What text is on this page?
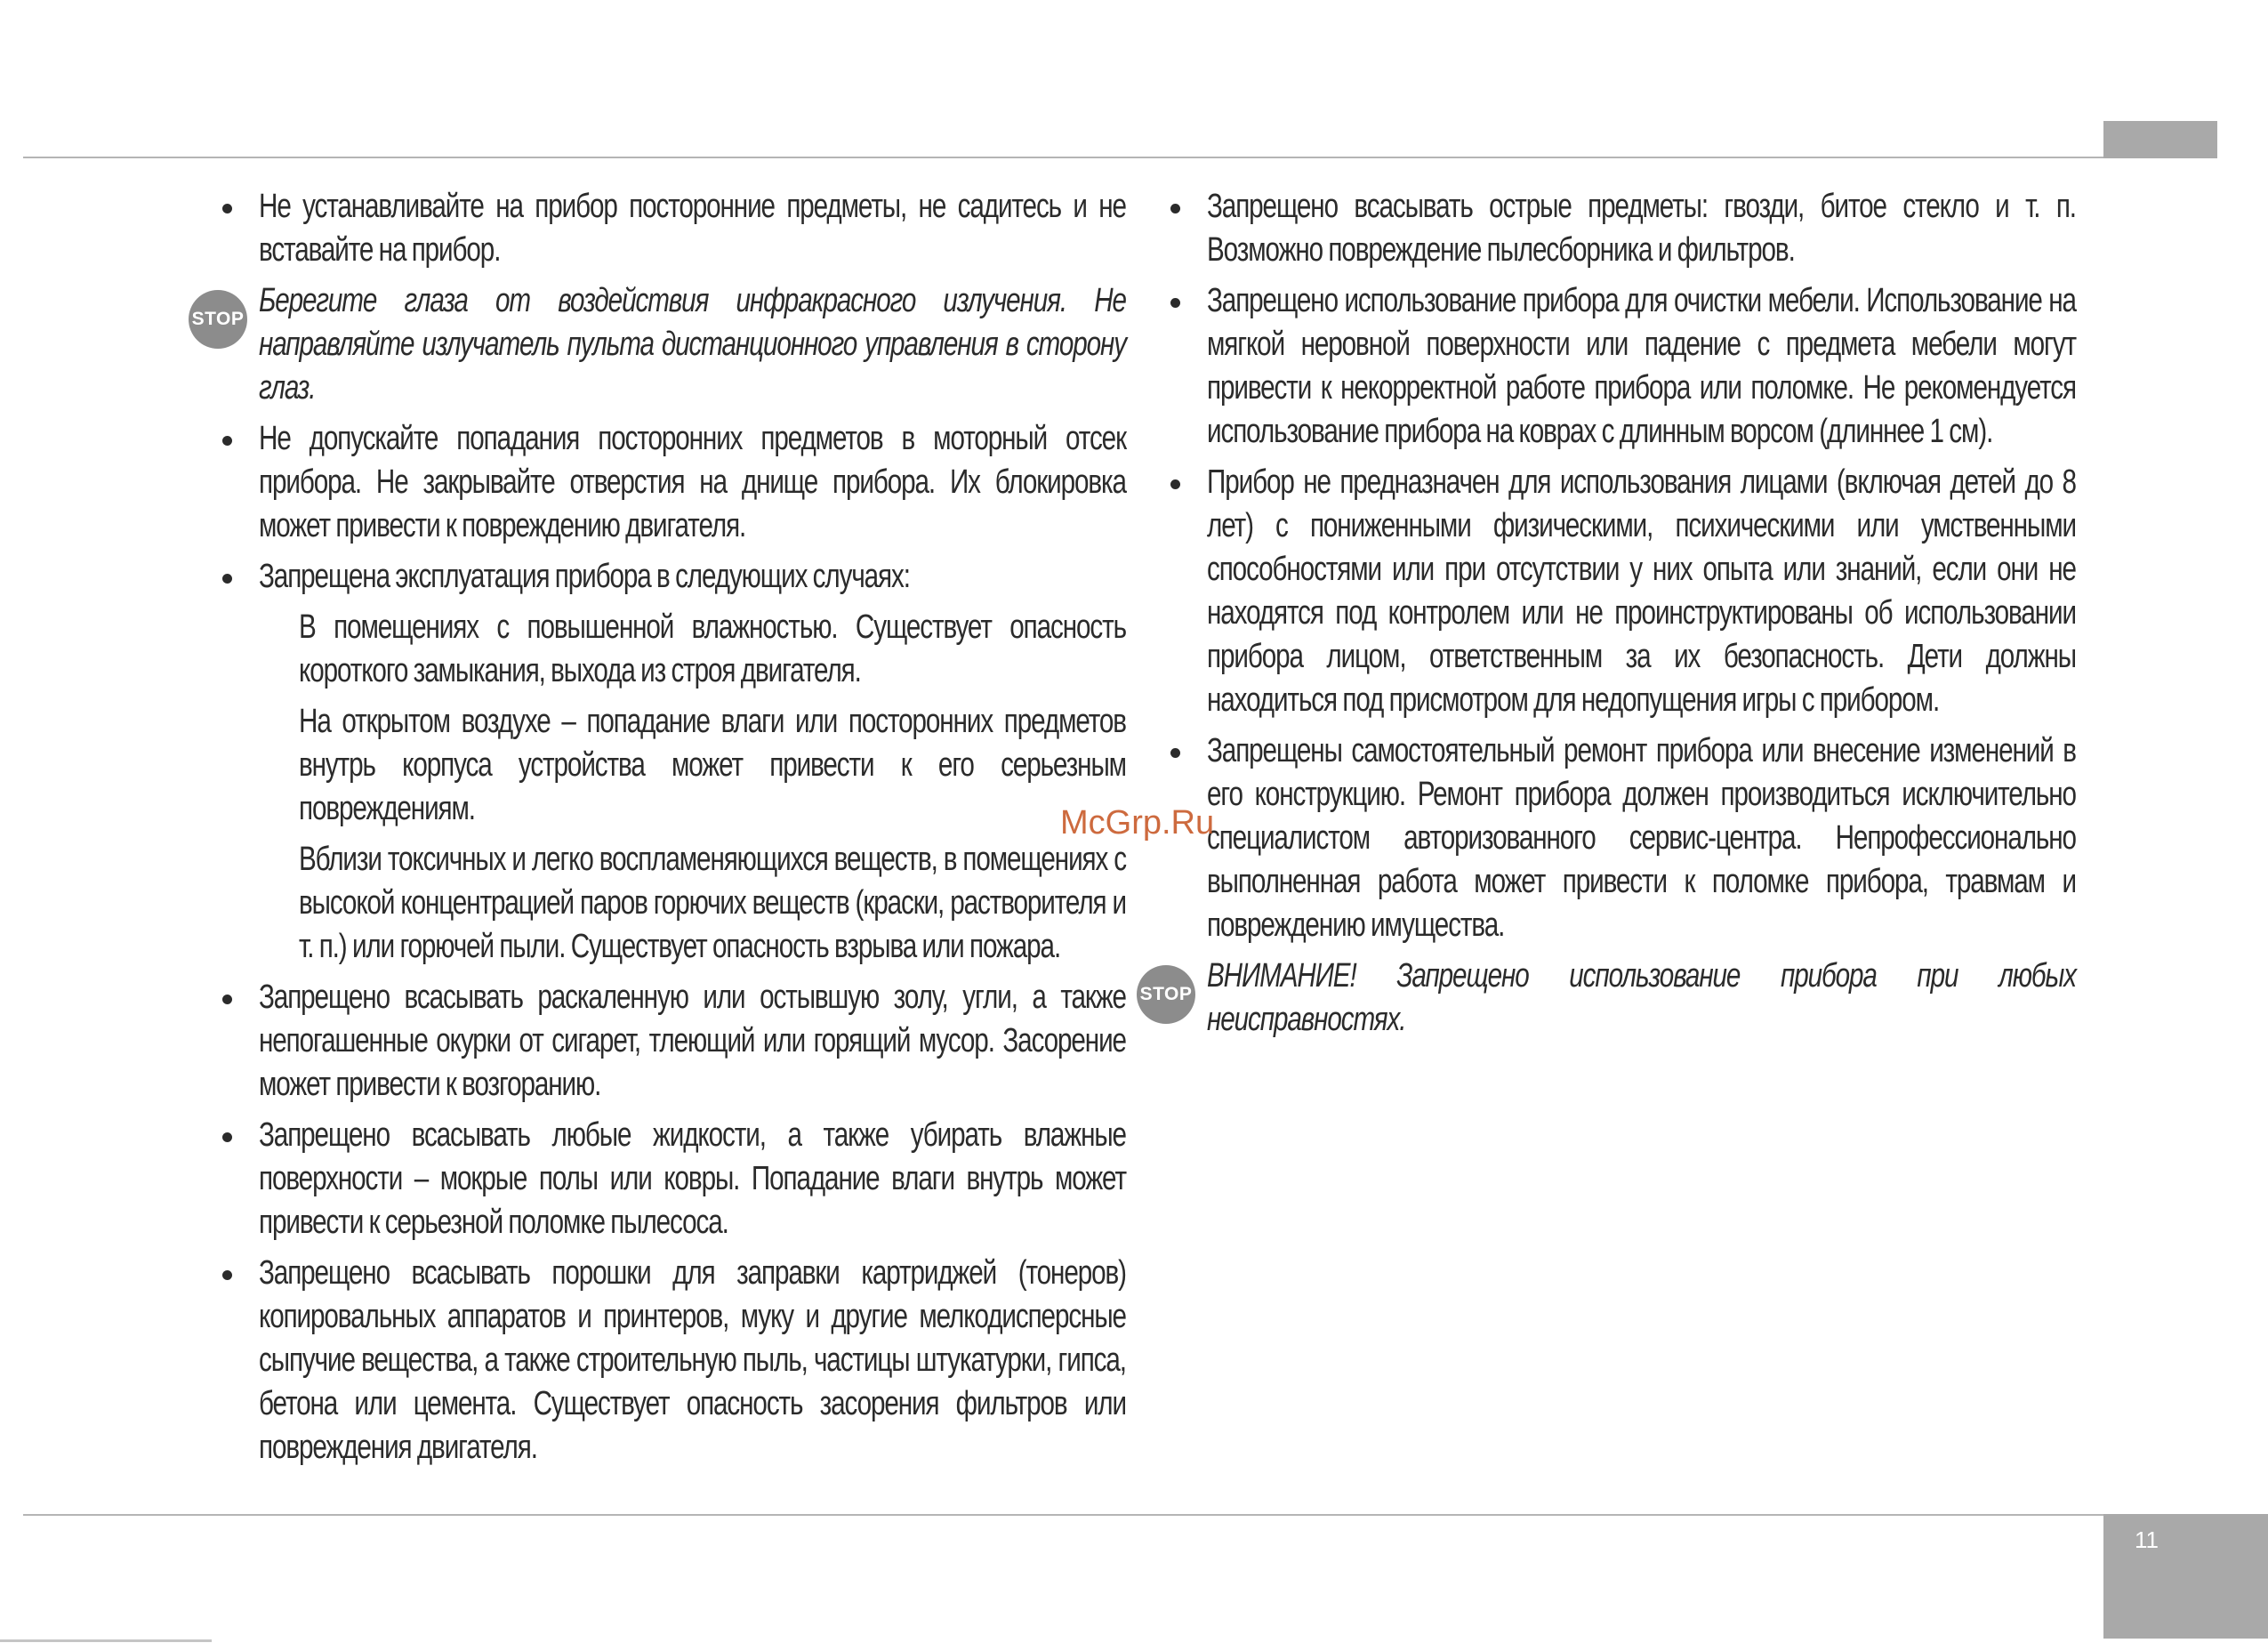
Не устанавливайте на прибор посторонние предметы, не садитесь и не вставайте на прибор.

STOP Берегите глаза от воздействия инфракрасного излучения. Не направляйте излучатель пульта дистанционного управления в сторону глаз.

Не допускайте попадания посторонних предметов в моторный отсек прибора. Не закрывайте отверстия на днище прибора. Их блокировка может привести к повреждению двигателя.

Запрещена эксплуатация прибора в следующих случаях:

В помещениях с повышенной влажностью. Существует опасность короткого замыкания, выхода из строя двигателя.

На открытом воздухе – попадание влаги или посторонних предметов внутрь корпуса устройства может привести к его серьезным повреждениям.

Вблизи токсичных и легко воспламеняющихся веществ, в помещениях с высокой концентрацией паров горючих веществ (краски, растворителя и т. п.) или горючей пыли. Существует опасность взрыва или пожара.

Запрещено всасывать раскаленную или остывшую золу, угли, а также непогашенные окурки от сигарет, тлеющий или горящий мусор. Засорение может привести к возгоранию.

Запрещено всасывать любые жидкости, а также убирать влажные поверхности – мокрые полы или ковры. Попадание влаги внутрь может привести к серьезной поломке пылесоса.

Запрещено всасывать порошки для заправки картриджей (тонеров) копировальных аппаратов и принтеров, муку и другие мелкодисперсные сыпучие вещества, а также строительную пыль, частицы штукатурки, гипса, бетона или цемента. Существует опасность засорения фильтров или повреждения двигателя.

Запрещено всасывать острые предметы: гвозди, битое стекло и т. п. Возможно повреждение пылесборника и фильтров.

Запрещено использование прибора для очистки мебели. Использование на мягкой неровной поверхности или падение с предмета мебели могут привести к некорректной работе прибора или поломке. Не рекомендуется использование прибора на коврах с длинным ворсом (длиннее 1 см).

Прибор не предназначен для использования лицами (включая детей до 8 лет) с пониженными физическими, психическими или умственными способностями или при отсутствии у них опыта или знаний, если они не находятся под контролем или не проинструктированы об использовании прибора лицом, ответственным за их безопасность. Дети должны находиться под присмотром для недопущения игры с прибором.

Запрещены самостоятельный ремонт прибора или внесение изменений в его конструкцию. Ремонт прибора должен производиться исключительно специалистом авторизованного сервис-центра. Непрофессионально выполненная работа может привести к поломке прибора, травмам и повреждению имущества.

STOP ВНИМАНИЕ! Запрещено использование прибора при любых неисправностях.

McGrp.Ru
11
